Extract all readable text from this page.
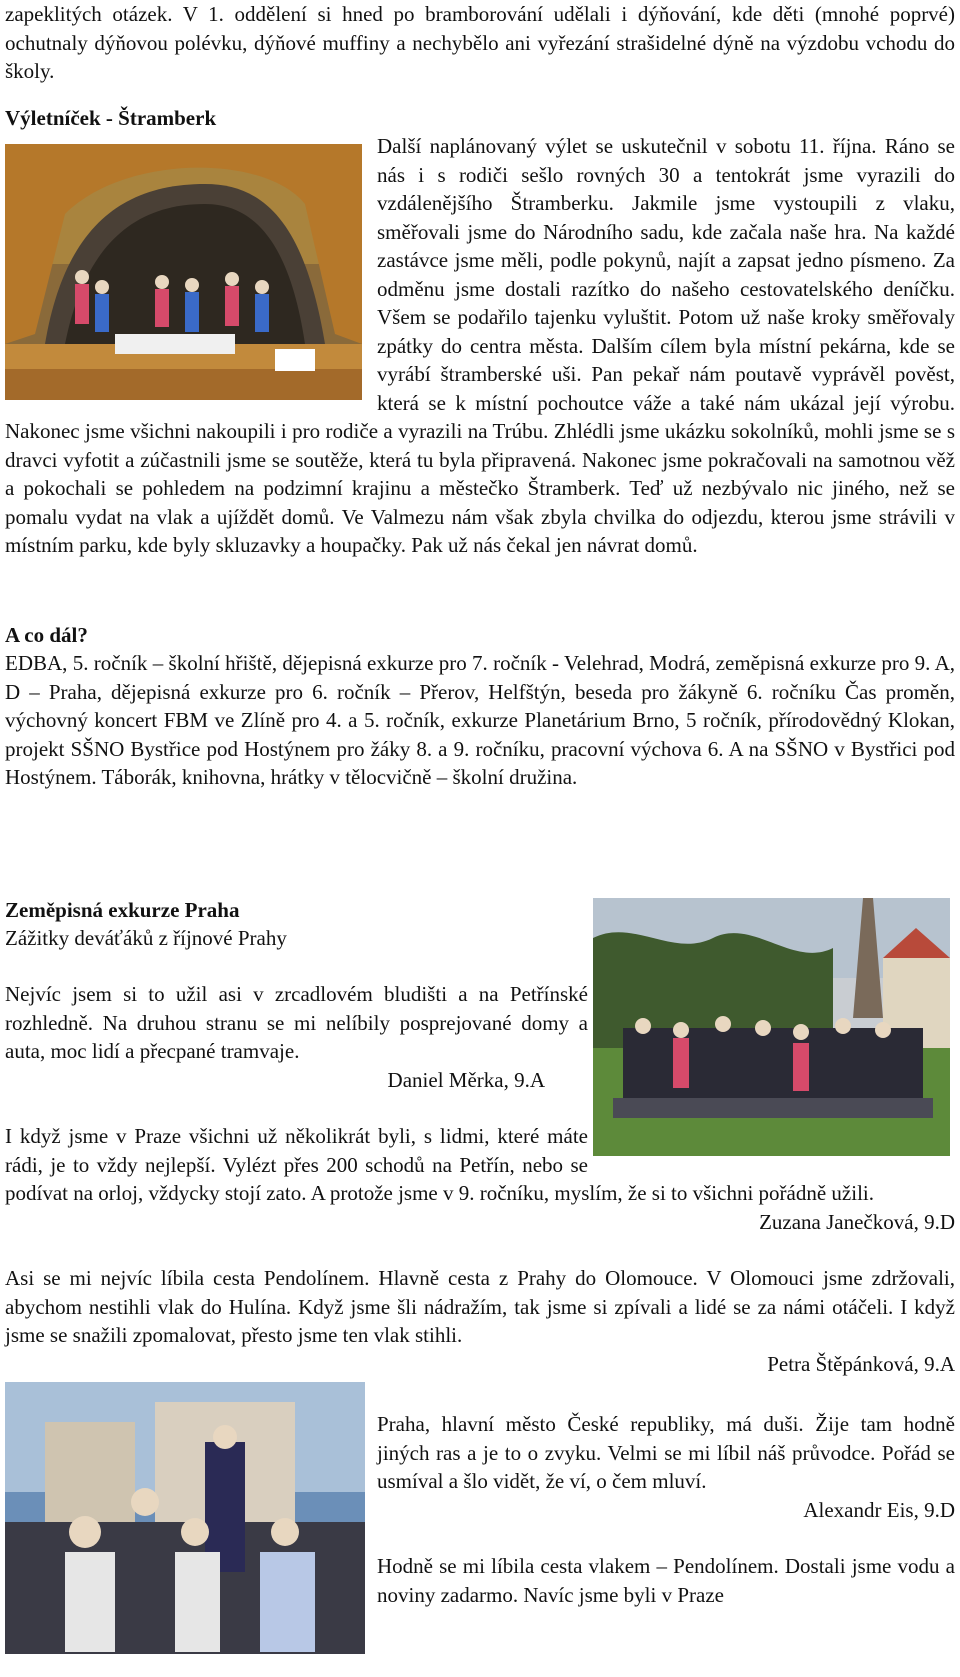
zapeklitých otázek. V 1. oddělení si hned po bramborování udělali i dýňování, kde děti (mnohé poprvé) ochutnaly dýňovou polévku, dýňové muffiny a nechybělo ani vyřezání strašidelné dýně na výzdobu vchodu do školy.

Výletníček - Štramberk

Další naplánovaný výlet se uskutečnil v sobotu 11. října. Ráno se nás i s rodiči sešlo rovných 30 a tentokrát jsme vyrazili do vzdálenějšího Štramberku. Jakmile jsme vystoupili z vlaku, směřovali jsme do Národního sadu, kde začala naše hra. Na každé zastávce jsme měli, podle pokynů, najít a zapsat jedno písmeno. Za odměnu jsme dostali razítko do našeho cestovatelského deníčku. Všem se podařilo tajenku vyluštit. Potom už naše kroky směřovaly zpátky do centra města. Dalším cílem byla místní pekárna, kde se vyrábí štramberské uši. Pan pekař nám poutavě vyprávěl pověst, která se k místní pochoutce váže a také nám ukázal její výrobu. Nakonec jsme všichni nakoupili i pro rodiče a vyrazili na Trúbu. Zhlédli jsme ukázku sokolníků, mohli jsme se s dravci vyfotit a zúčastnili jsme se soutěže, která tu byla připravená. Nakonec jsme pokračovali na samotnou věž a pokochali se pohledem na podzimní krajinu a městečko Štramberk. Teď už nezbývalo nic jiného, než se pomalu vydat na vlak a ujíždět domů. Ve Valmezu nám však zbyla chvilka do odjezdu, kterou jsme strávili v místním parku, kde byly skluzavky a houpačky. Pak už nás čekal jen návrat domů.

A co dál?

EDBA, 5. ročník – školní hřiště, dějepisná exkurze pro 7. ročník - Velehrad, Modrá, zeměpisná exkurze pro 9. A, D – Praha, dějepisná exkurze pro 6. ročník – Přerov, Helfštýn, beseda pro žákyně 6. ročníku Čas proměn, výchovný koncert FBM ve Zlíně pro 4. a 5. ročník, exkurze Planetárium Brno, 5 ročník, přírodovědný Klokan, projekt SŠNO Bystřice pod Hostýnem pro žáky 8. a 9. ročníku, pracovní výchova 6. A na SŠNO v Bystřici pod Hostýnem. Táborák, knihovna, hrátky v tělocvičně – školní družina.

Zeměpisná exkurze Praha
Zážitky deváťáků z říjnové Prahy

Nejvíc jsem si to užil asi v zrcadlovém bludišti a na Petřínské rozhledně. Na druhou stranu se mi nelíbily posprejované domy a auta, moc lidí a přecpané tramvaje.

Daniel Měrka, 9.A

I když jsme v Praze všichni už několikrát byli, s lidmi, které máte rádi, je to vždy nejlepší. Vylézt přes 200 schodů na Petřín, nebo se podívat na orloj, vždycky stojí zato. A protože jsme v 9. ročníku, myslím, že si to všichni pořádně užili.

Zuzana Janečková, 9.D

Asi se mi nejvíc líbila cesta Pendolínem. Hlavně cesta z Prahy do Olomouce. V Olomouci jsme zdržovali, abychom nestihli vlak do Hulína. Když jsme šli nádražím, tak jsme si zpívali a lidé se za námi otáčeli. I když jsme se snažili zpomalovat, přesto jsme ten vlak stihli.

Petra Štěpánková, 9.A

Praha, hlavní město České republiky, má duši. Žije tam hodně jiných ras a je to o zvyku. Velmi se mi líbil náš průvodce. Pořád se usmíval a šlo vidět, že ví, o čem mluví.

Alexandr Eis, 9.D

Hodně se mi líbila cesta vlakem – Pendolínem. Dostali jsme vodu a noviny zadarmo. Navíc jsme byli v Praze
